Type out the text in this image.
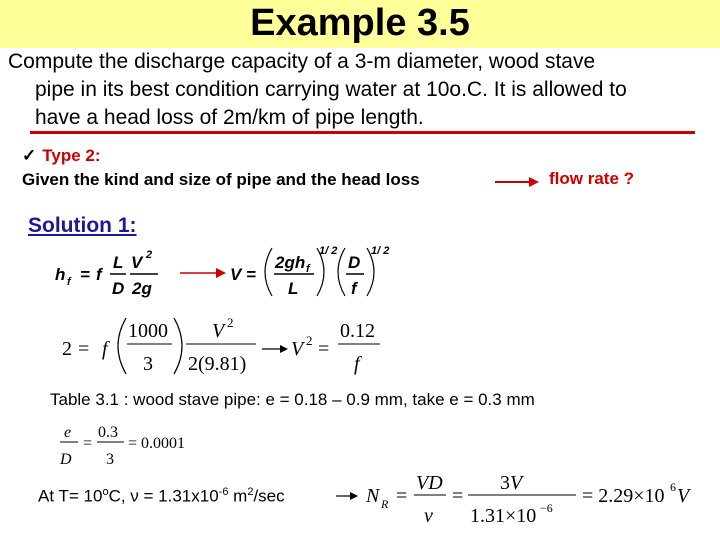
Example 3.5
Compute the discharge capacity of a 3-m diameter, wood stave
pipe in its best condition carrying water at 10o.C. It is allowed to
have a head loss of 2m/km of pipe length.
✓ Type 2:
Given the kind and size of pipe and the head loss	flow rate ?
Solution 1:
h f = f
L
D
V 2
2g
V =
2gh f
L
1/ 2
D
f
1/ 2
2 = f
1000
3
V 2
2(9.81)
V 2 =
0.12
f
e
D
=
0.3
3
= 0.0001
N R =
VD
ν
=
3V
1.31×10 −6
= 2.29×10 6 V
Table 3.1 : wood stave pipe: e = 0.18 – 0.9 mm, take e = 0.3 mm
At $T= 10^oC$, $\nu = 1.31x10^{-6}$ $m^2/\sec$
